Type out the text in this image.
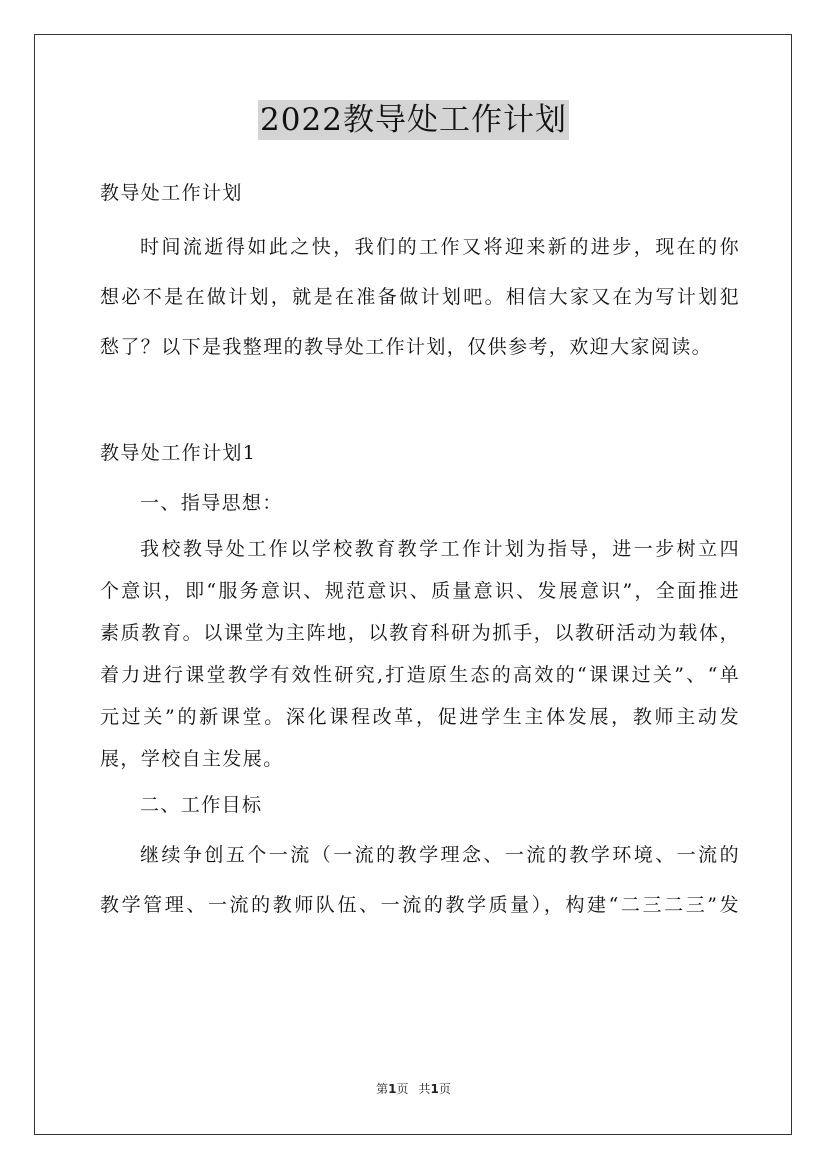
2022教导处工作计划
教导处工作计划
时间流逝得如此之快，我们的工作又将迎来新的进步，现在的你
想必不是在做计划，就是在准备做计划吧。相信大家又在为写计划犯
愁了？以下是我整理的教导处工作计划，仅供参考，欢迎大家阅读。
教导处工作计划1
一、指导思想：
我校教导处工作以学校教育教学工作计划为指导，进一步树立四
个意识，即“服务意识、规范意识、质量意识、发展意识”，全面推进
素质教育。以课堂为主阵地，以教育科研为抓手，以教研活动为载体，
着力进行课堂教学有效性研究,打造原生态的高效的“课课过关”、“单
元过关”的新课堂。深化课程改革，促进学生主体发展，教师主动发
展，学校自主发展。
二、工作目标
继续争创五个一流（一流的教学理念、一流的教学环境、一流的
教学管理、一流的教师队伍、一流的教学质量），构建“二三二三”发
第1页 共1页
